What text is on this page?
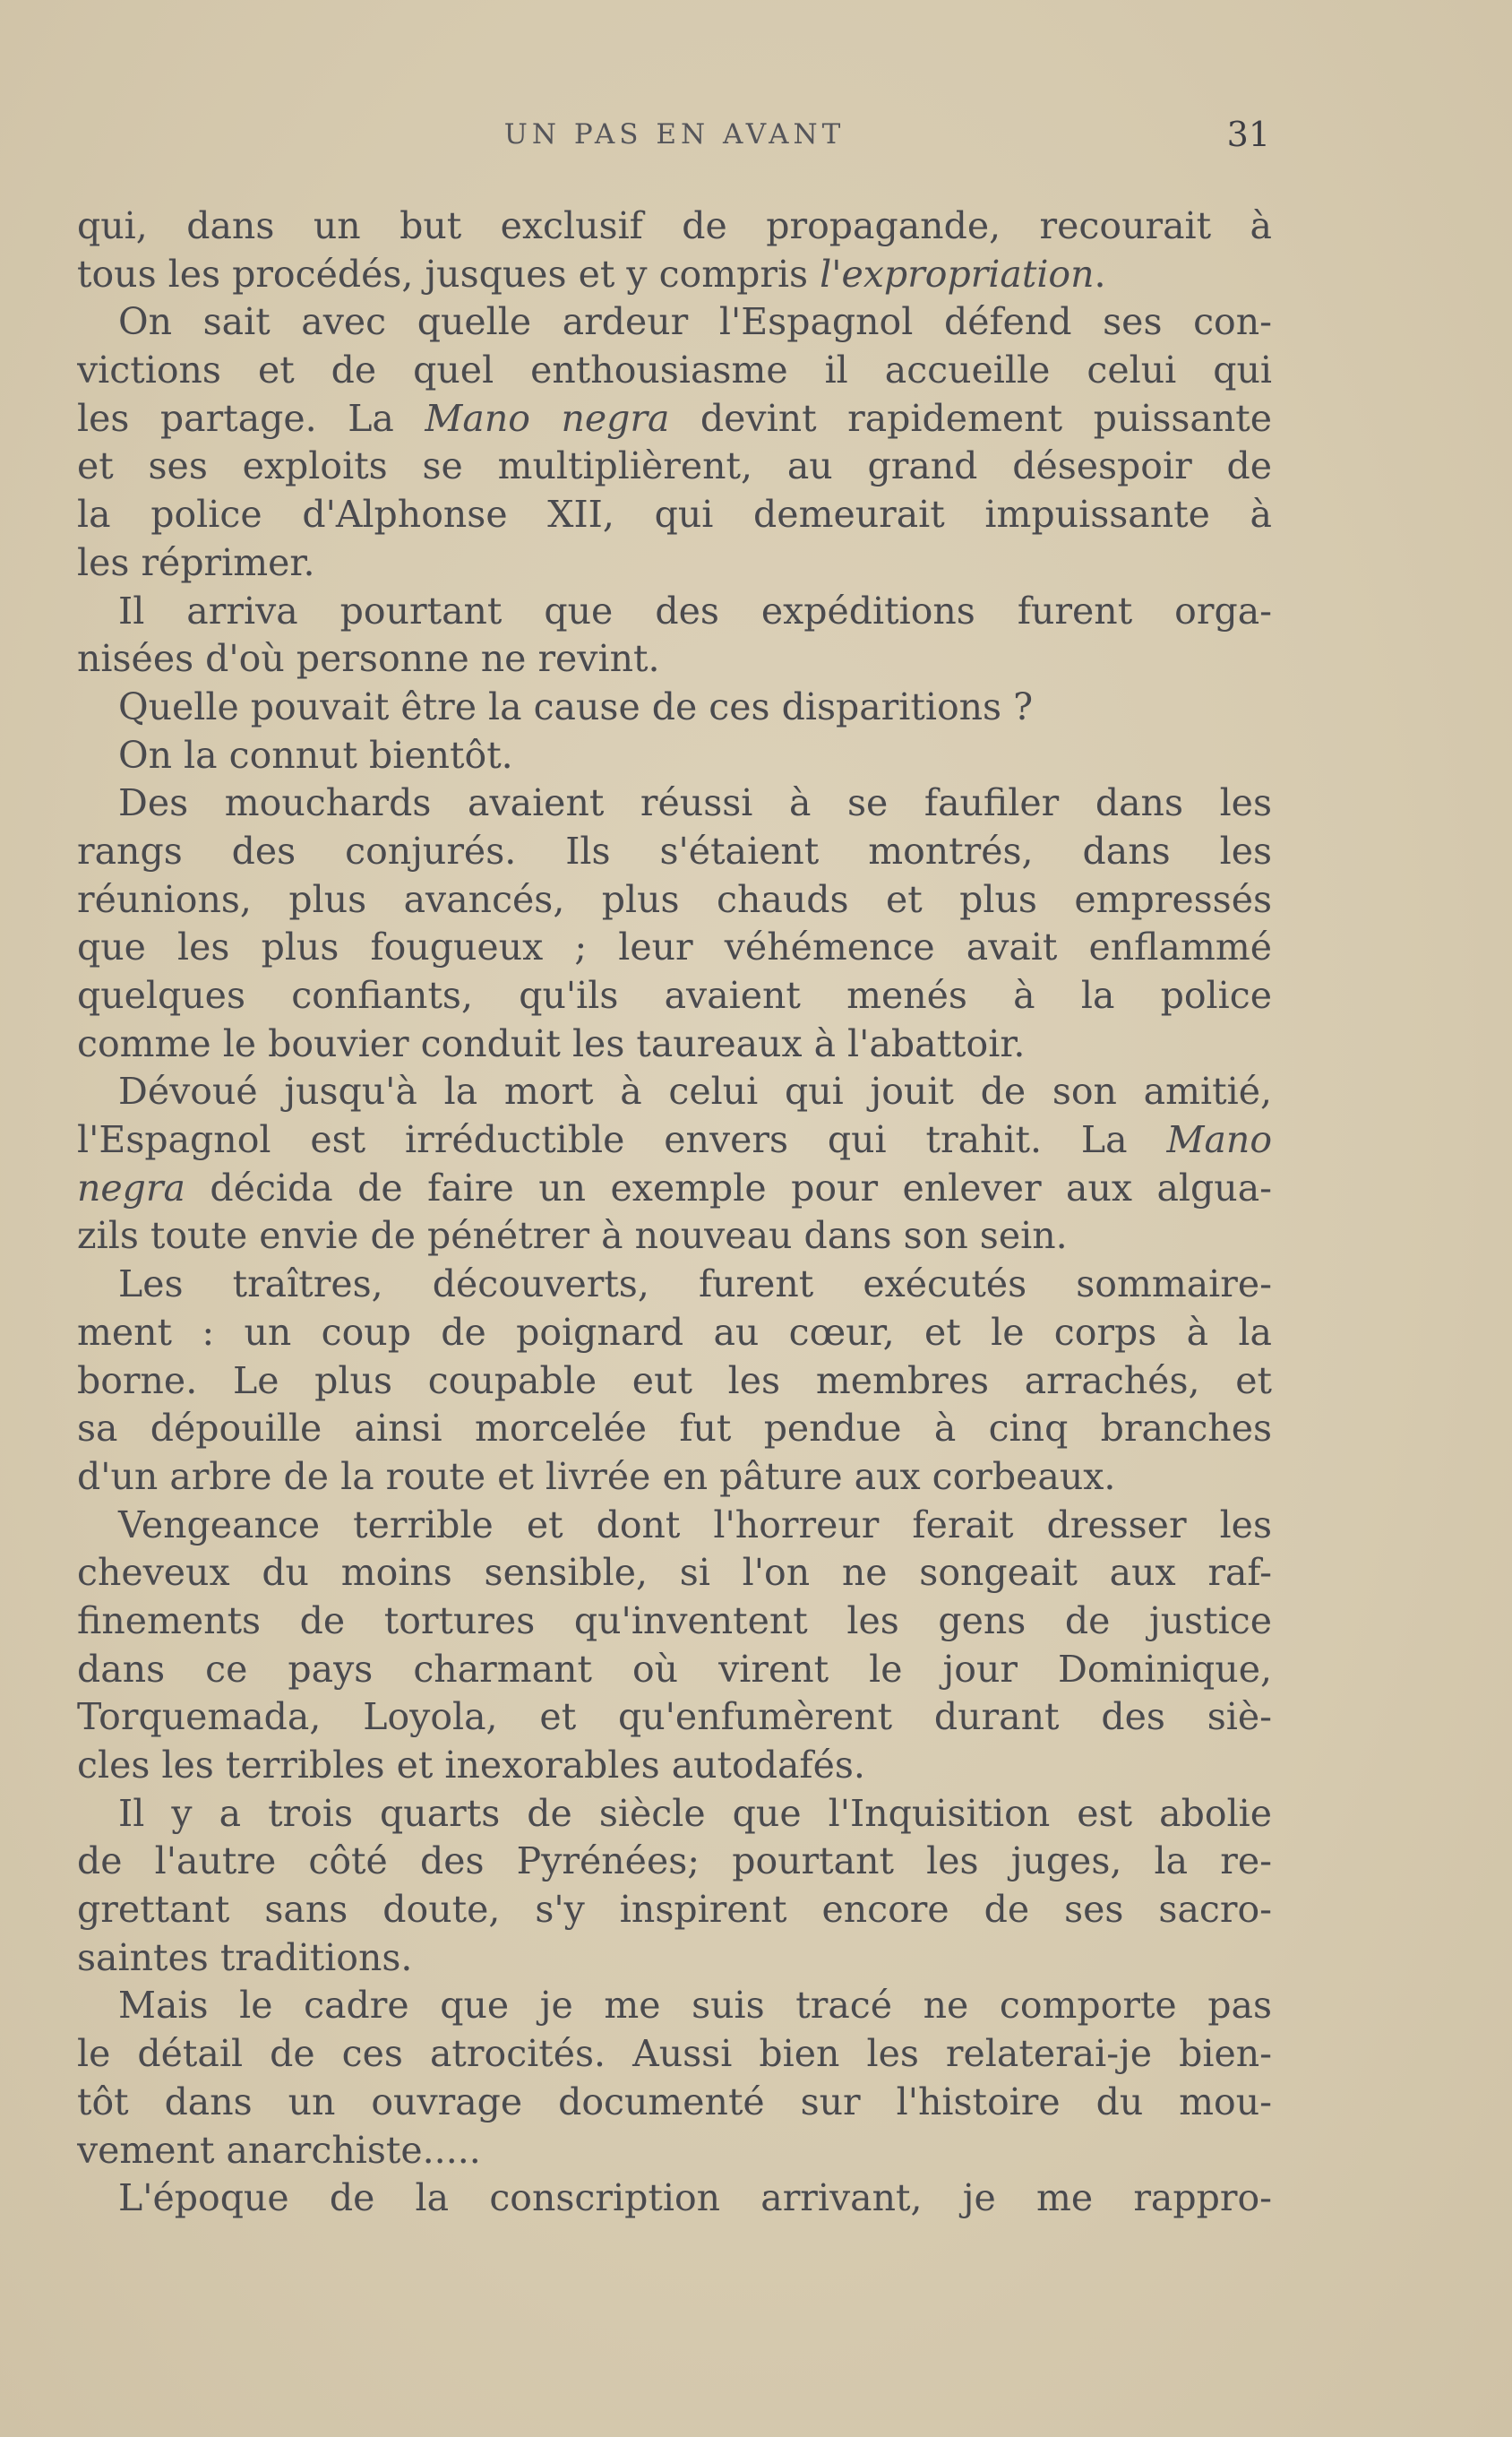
UN PAS EN AVANT	31
qui, dans un but exclusif de propagande, recourait à
tous les procédés, jusques et y compris l'expropriation.
On sait avec quelle ardeur l'Espagnol défend ses con-
victions et de quel enthousiasme il accueille celui qui
les partage. La Mano negra devint rapidement puissante
et ses exploits se multiplièrent, au grand désespoir de
la police d'Alphonse XII, qui demeurait impuissante à
les réprimer.
Il arriva pourtant que des expéditions furent orga-
nisées d'où personne ne revint.
Quelle pouvait être la cause de ces disparitions ?
On la connut bientôt.
Des mouchards avaient réussi à se faufiler dans les
rangs des conjurés. Ils s'étaient montrés, dans les
réunions, plus avancés, plus chauds et plus empressés
que les plus fougueux ; leur véhémence avait enflammé
quelques confiants, qu'ils avaient menés à la police
comme le bouvier conduit les taureaux à l'abattoir.
Dévoué jusqu'à la mort à celui qui jouit de son amitié,
l'Espagnol est irréductible envers qui trahit. La Mano
negra décida de faire un exemple pour enlever aux algua-
zils toute envie de pénétrer à nouveau dans son sein.
Les traîtres, découverts, furent exécutés sommaire-
ment : un coup de poignard au cœur, et le corps à la
borne. Le plus coupable eut les membres arrachés, et
sa dépouille ainsi morcelée fut pendue à cinq branches
d'un arbre de la route et livrée en pâture aux corbeaux.
Vengeance terrible et dont l'horreur ferait dresser les
cheveux du moins sensible, si l'on ne songeait aux raf-
finements de tortures qu'inventent les gens de justice
dans ce pays charmant où virent le jour Dominique,
Torquemada, Loyola, et qu'enfumèrent durant des siè-
cles les terribles et inexorables autodafés.
Il y a trois quarts de siècle que l'Inquisition est abolie
de l'autre côté des Pyrénées; pourtant les juges, la re-
grettant sans doute, s'y inspirent encore de ses sacro-
saintes traditions.
Mais le cadre que je me suis tracé ne comporte pas
le détail de ces atrocités. Aussi bien les relaterai-je bien-
tôt dans un ouvrage documenté sur l'histoire du mou-
vement anarchiste.....
L'époque de la conscription arrivant, je me rappro-
